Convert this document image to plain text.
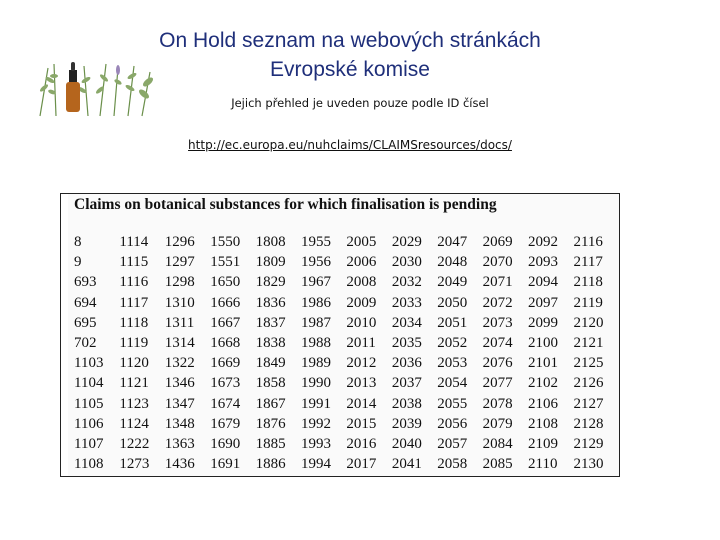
On Hold seznam na webových stránkách
Evropské komise
Jejich přehled je uveden pouze podle ID čísel
http://ec.europa.eu/nuhclaims/CLAIMSresources/docs/
Claims on botanical substances for which finalisation is pending
8	1114	1296	1550	1808	1955	2005	2029	2047	2069	2092	2116
9	1115	1297	1551	1809	1956	2006	2030	2048	2070	2093	2117
693	1116	1298	1650	1829	1967	2008	2032	2049	2071	2094	2118
694	1117	1310	1666	1836	1986	2009	2033	2050	2072	2097	2119
695	1118	1311	1667	1837	1987	2010	2034	2051	2073	2099	2120
702	1119	1314	1668	1838	1988	2011	2035	2052	2074	2100	2121
1103	1120	1322	1669	1849	1989	2012	2036	2053	2076	2101	2125
1104	1121	1346	1673	1858	1990	2013	2037	2054	2077	2102	2126
1105	1123	1347	1674	1867	1991	2014	2038	2055	2078	2106	2127
1106	1124	1348	1679	1876	1992	2015	2039	2056	2079	2108	2128
1107	1222	1363	1690	1885	1993	2016	2040	2057	2084	2109	2129
1108	1273	1436	1691	1886	1994	2017	2041	2058	2085	2110	2130
